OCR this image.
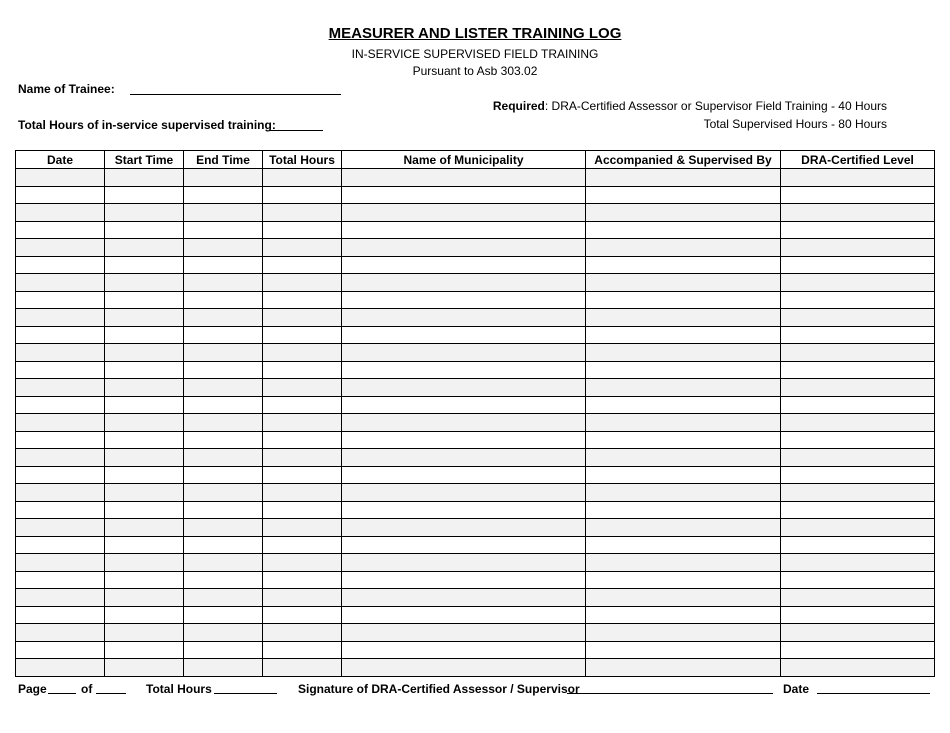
MEASURER AND LISTER TRAINING LOG
IN-SERVICE SUPERVISED FIELD TRAINING
Pursuant to Asb 303.02
Name of Trainee:
Required: DRA-Certified Assessor or Supervisor Field Training - 40 Hours
Total Hours of in-service supervised training:	Total Supervised Hours - 80 Hours
Date	Start Time	End Time	Total Hours	Name of Municipality	Accompanied & Supervised By	DRA-Certified Level

Page	of	Total Hours	Signature of DRA-Certified Assessor / Supervisor	Date
